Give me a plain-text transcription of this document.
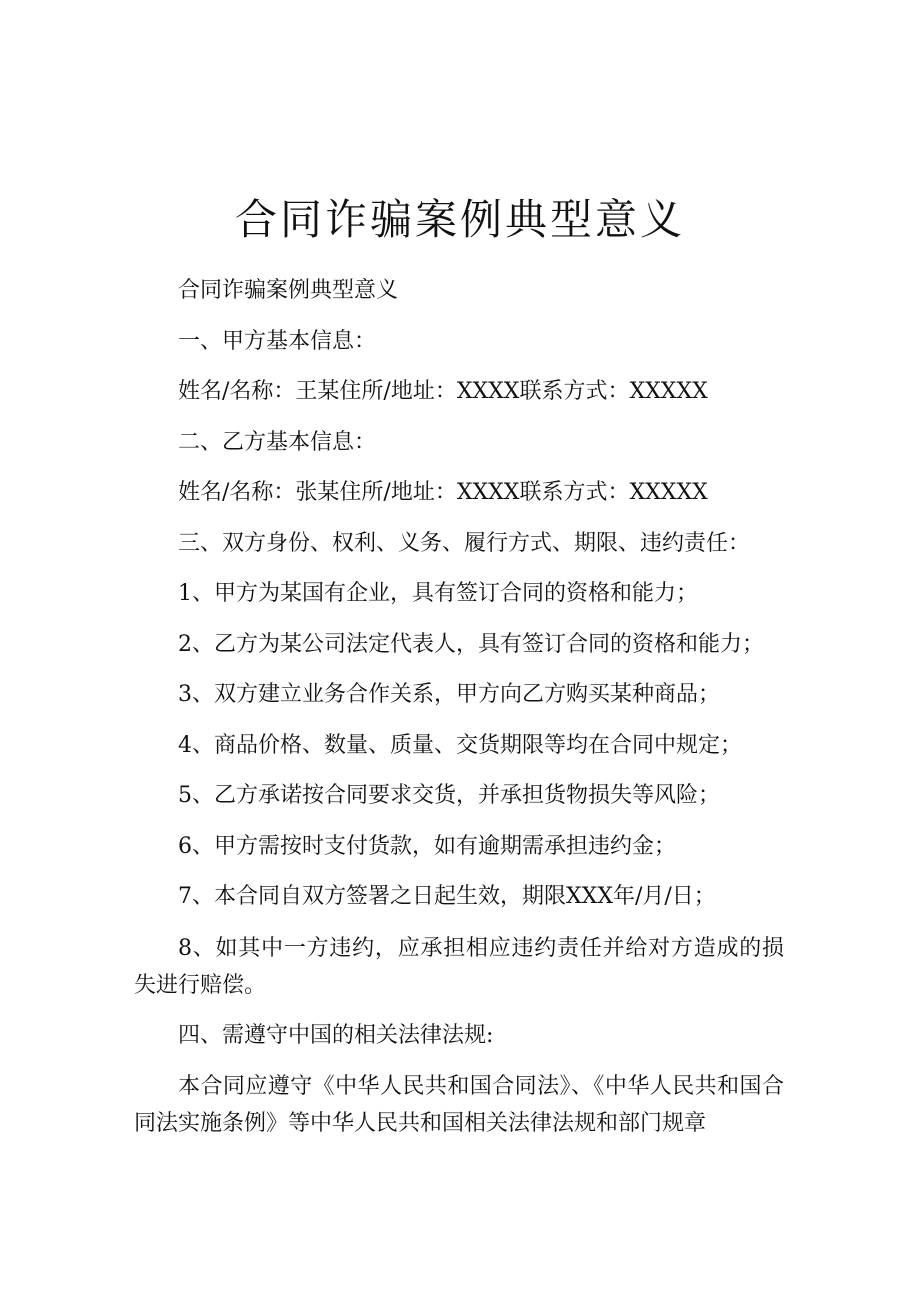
合同诈骗案例典型意义

合同诈骗案例典型意义

一、甲方基本信息：

姓名/名称：王某住所/地址：XXXX联系方式：XXXXX

二、乙方基本信息：

姓名/名称：张某住所/地址：XXXX联系方式：XXXXX

三、双方身份、权利、义务、履行方式、期限、违约责任：

1、甲方为某国有企业，具有签订合同的资格和能力；

2、乙方为某公司法定代表人，具有签订合同的资格和能力；

3、双方建立业务合作关系，甲方向乙方购买某种商品；

4、商品价格、数量、质量、交货期限等均在合同中规定；

5、乙方承诺按合同要求交货，并承担货物损失等风险；

6、甲方需按时支付货款，如有逾期需承担违约金；

7、本合同自双方签署之日起生效，期限XXX年/月/日；

8、如其中一方违约，应承担相应违约责任并给对方造成的损失进行赔偿。

四、需遵守中国的相关法律法规:

本合同应遵守《中华人民共和国合同法》、《中华人民共和国合同法实施条例》等中华人民共和国相关法律法规和部门规章
